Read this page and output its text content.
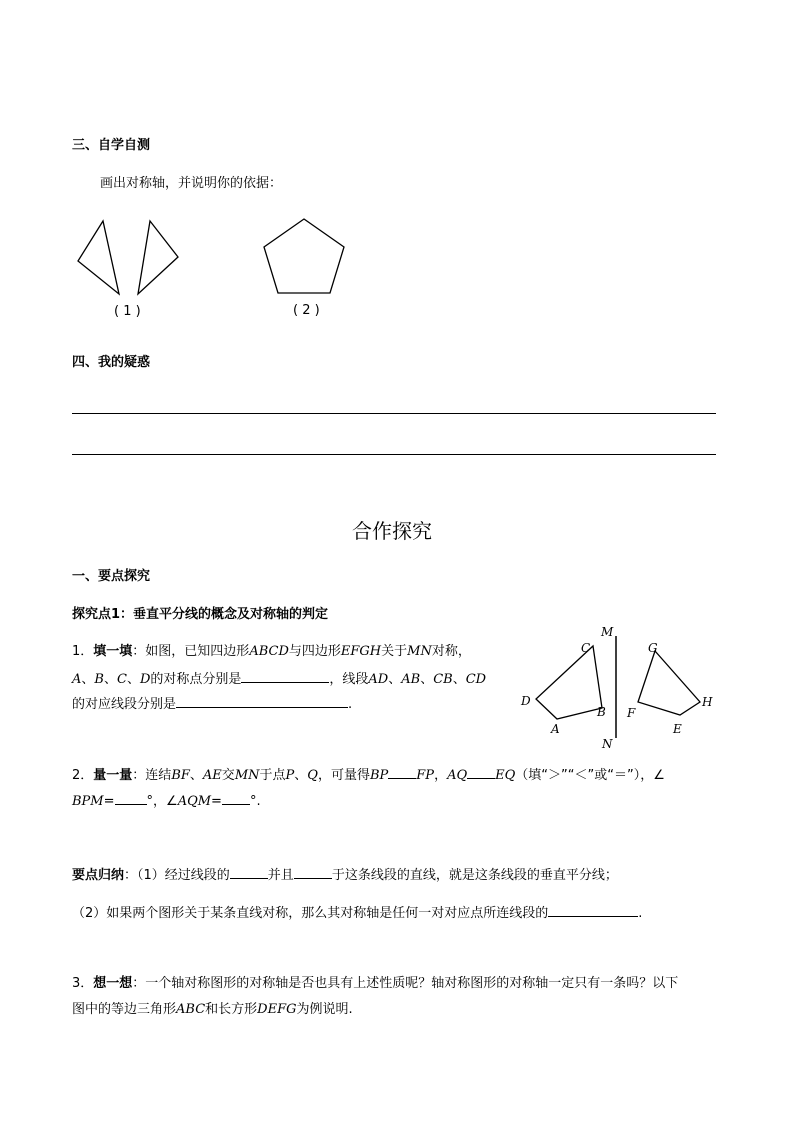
三、自学自测
画出对称轴，并说明你的依据：
( 1 )	( 2 )
四、我的疑惑
合作探究
一、要点探究
探究点1：垂直平分线的概念及对称轴的判定
1．填一填：如图，已知四边形ABCD与四边形EFGH关于MN对称，
A、B、C、D的对称点分别是	，线段AD、AB、CB、CD
的对应线段分别是	.
M
N
C	G
D
B
A
F
E
H
2．量一量：连结BF、AE交MN于点P、Q，可量得BP FP，AQ EQ（填“＞”“＜”或“＝”），∠
BPM= °，∠AQM= °.
要点归纳：（1）经过线段的	并且	于这条线段的直线，就是这条线段的垂直平分线；
（2）如果两个图形关于某条直线对称，那么其对称轴是任何一对对应点所连线段的	.
3．想一想：一个轴对称图形的对称轴是否也具有上述性质呢？轴对称图形的对称轴一定只有一条吗？以下
图中的等边三角形ABC和长方形DEFG为例说明.
